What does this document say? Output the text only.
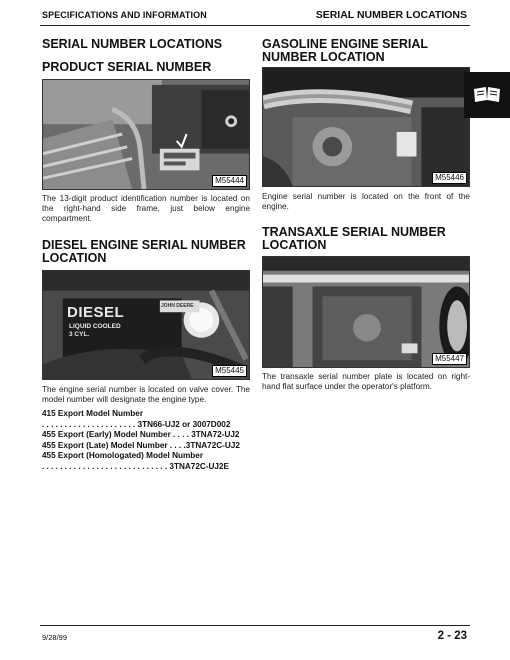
SPECIFICATIONS AND INFORMATION	SERIAL NUMBER LOCATIONS
SERIAL NUMBER LOCATIONS
PRODUCT SERIAL NUMBER
M55444

The 13-digit product identification number is located on the right-hand side frame, just below engine compartment.

DIESEL ENGINE SERIAL NUMBER LOCATION
DIESEL
LIQUID COOLED
3 CYL.
JOHN DEERE
M55445

The engine serial number is located on valve cover. The model number will designate the engine type.

415 Export Model Number
. . . . . . . . . . . . . . . . . . . . . 3TN66-UJ2 or 3007D002
455 Export (Early) Model Number . . . . 3TNA72-UJ2
455 Export (Late) Model Number . . . .3TNA72C-UJ2
455 Export (Homologated) Model Number
. . . . . . . . . . . . . . . . . . . . . . . . . . . . 3TNA72C-UJ2E
GASOLINE ENGINE SERIAL NUMBER LOCATION
M55446

Engine serial number is located on the front of the engine.

TRANSAXLE SERIAL NUMBER LOCATION
M55447

The transaxle serial number plate is located on right-hand flat surface under the operator's platform.

9/28/99	2 - 23
